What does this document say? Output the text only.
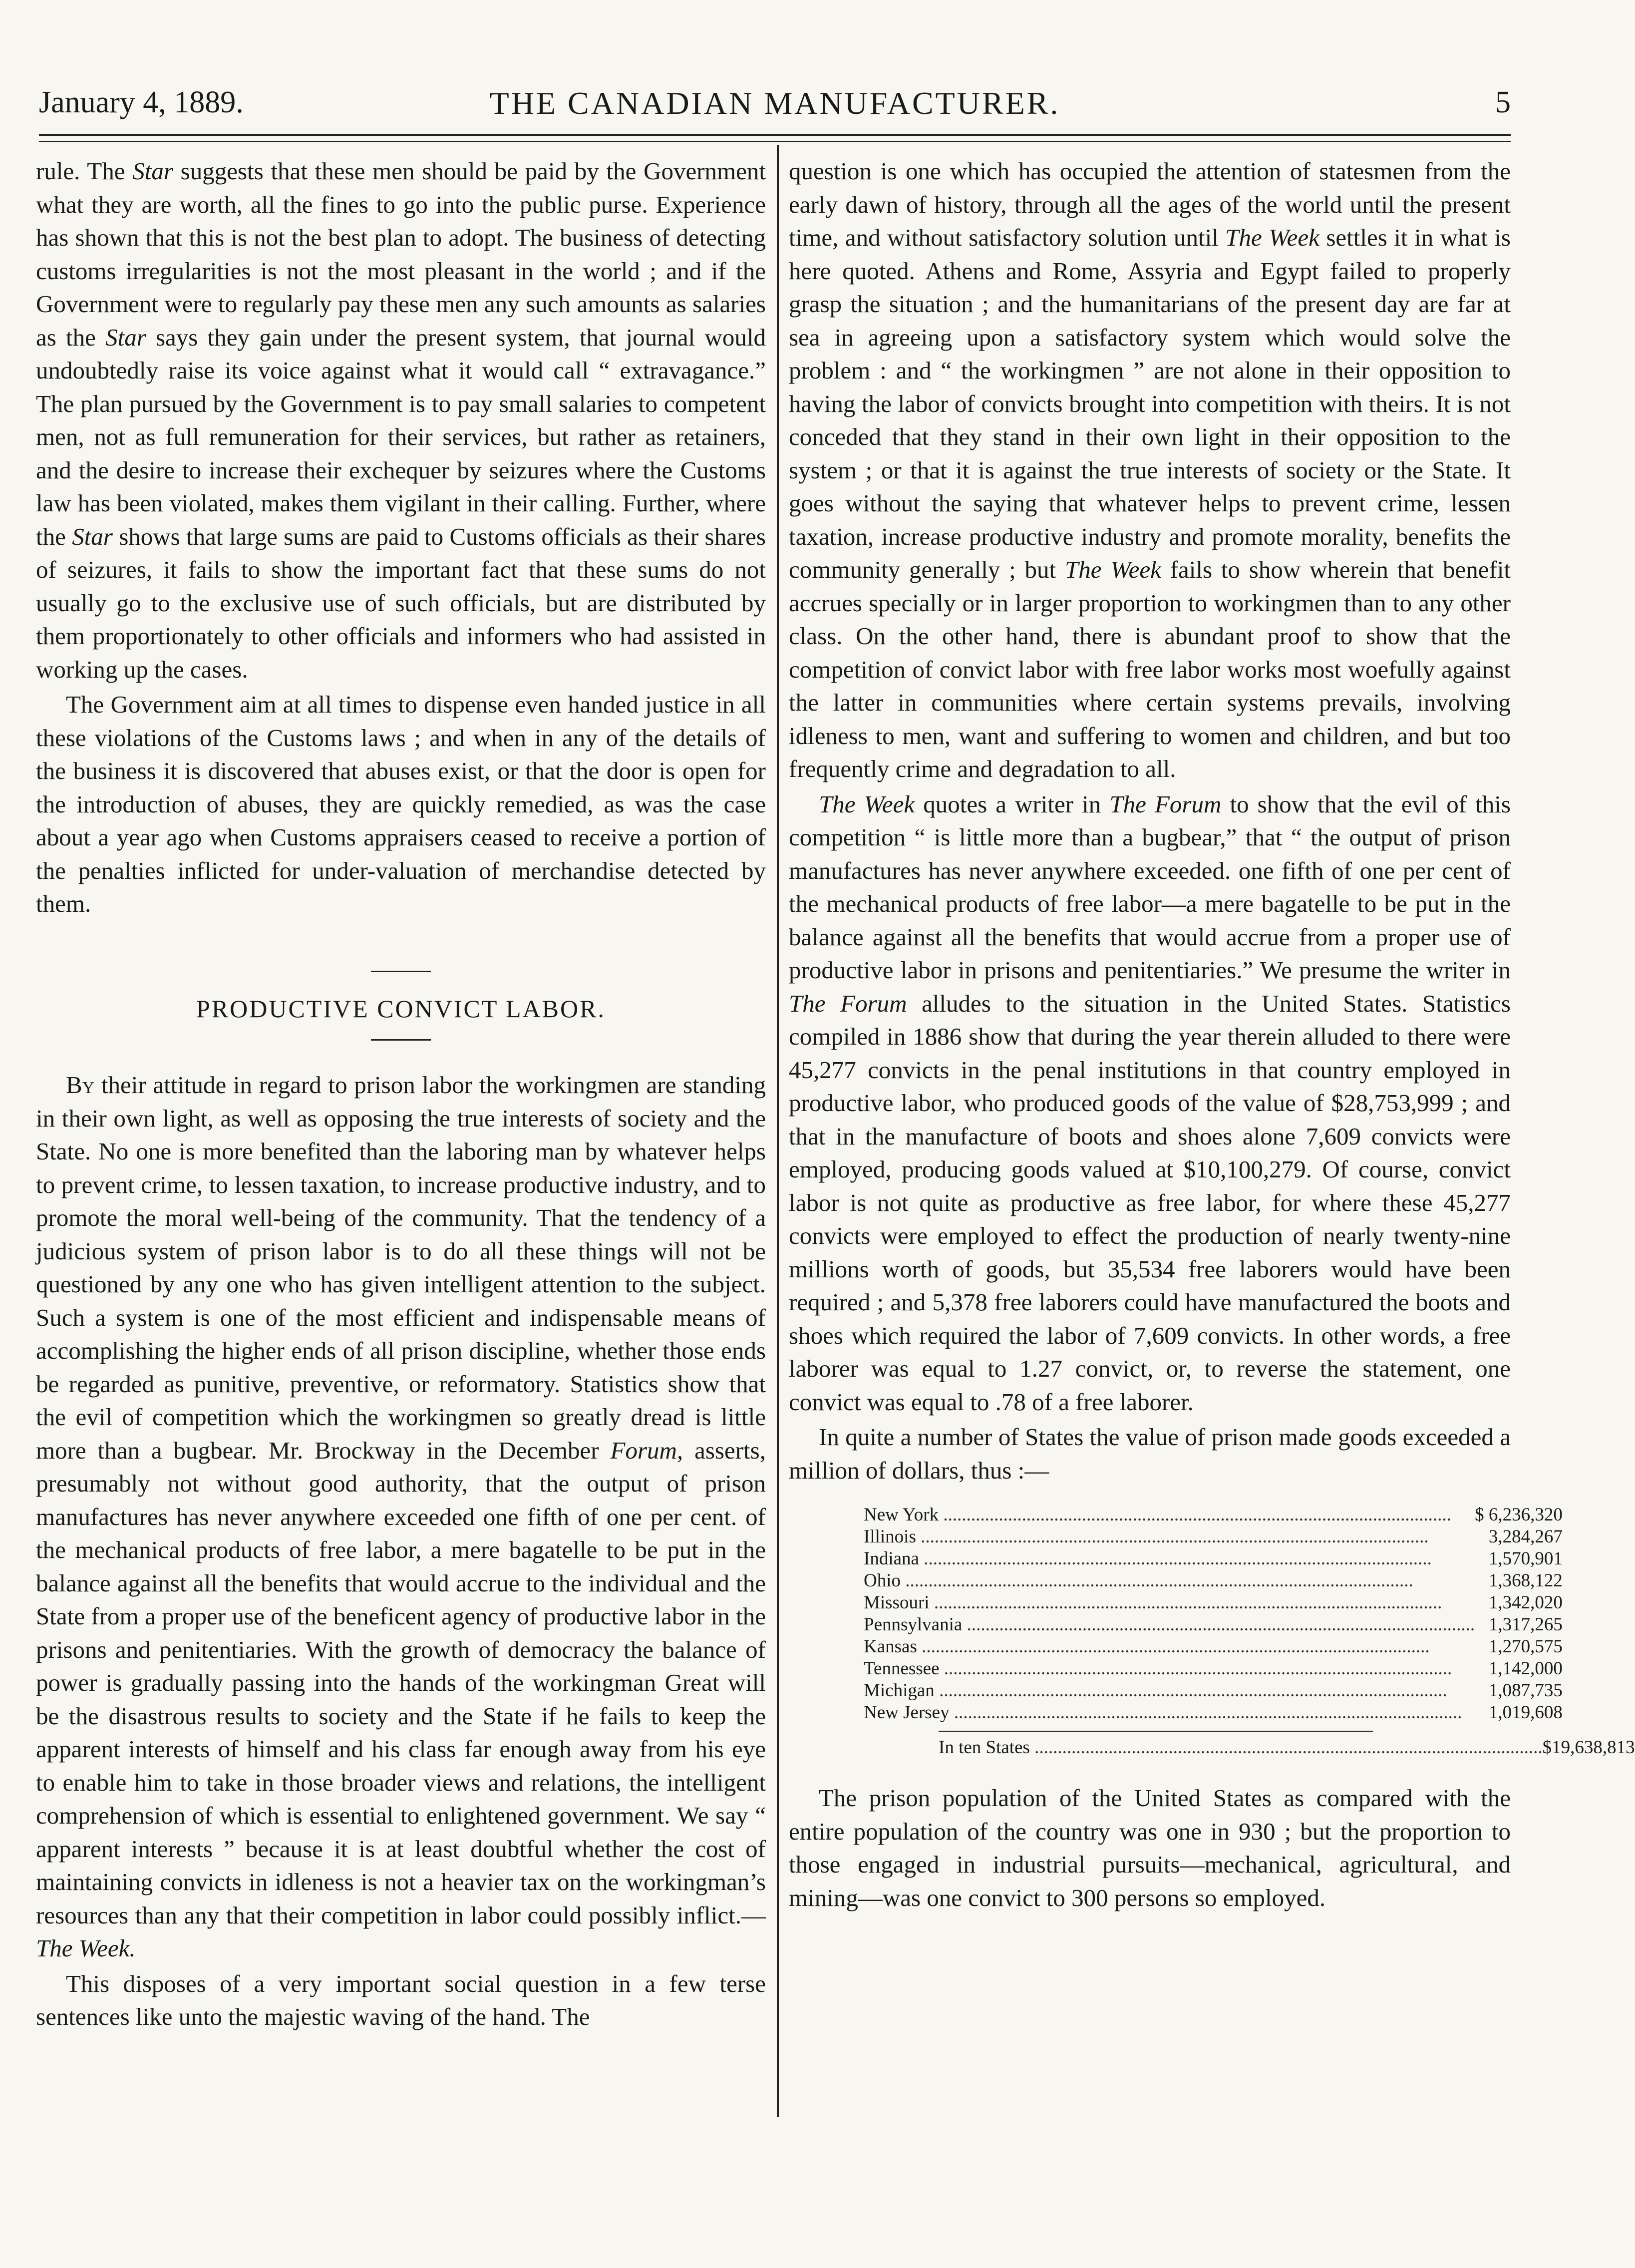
January 4, 1889.	THE CANADIAN MANUFACTURER.	5

rule. The Star suggests that these men should be paid by the Government what they are worth, all the fines to go into the public purse. Experience has shown that this is not the best plan to adopt. The business of detecting customs irregularities is not the most pleasant in the world ; and if the Government were to regularly pay these men any such amounts as salaries as the Star says they gain under the present system, that journal would undoubtedly raise its voice against what it would call “ extravagance.” The plan pursued by the Government is to pay small salaries to competent men, not as full remuneration for their services, but rather as retainers, and the desire to increase their exchequer by seizures where the Customs law has been violated, makes them vigilant in their calling. Further, where the Star shows that large sums are paid to Customs officials as their shares of seizures, it fails to show the important fact that these sums do not usually go to the exclusive use of such officials, but are distributed by them proportionately to other officials and informers who had assisted in working up the cases.

The Government aim at all times to dispense even handed justice in all these violations of the Customs laws ; and when in any of the details of the business it is discovered that abuses exist, or that the door is open for the introduction of abuses, they are quickly remedied, as was the case about a year ago when Customs appraisers ceased to receive a portion of the penalties inflicted for under-valuation of merchandise detected by them.

PRODUCTIVE CONVICT LABOR.

By their attitude in regard to prison labor the workingmen are standing in their own light, as well as opposing the true interests of society and the State. No one is more benefited than the laboring man by whatever helps to prevent crime, to lessen taxation, to increase productive industry, and to promote the moral well-being of the community. That the tendency of a judicious system of prison labor is to do all these things will not be questioned by any one who has given intelligent attention to the subject. Such a system is one of the most efficient and indispensable means of accomplishing the higher ends of all prison discipline, whether those ends be regarded as punitive, preventive, or reformatory. Statistics show that the evil of competition which the workingmen so greatly dread is little more than a bugbear. Mr. Brockway in the December Forum, asserts, presumably not without good authority, that the output of prison manufactures has never anywhere exceeded one fifth of one per cent. of the mechanical products of free labor, a mere bagatelle to be put in the balance against all the benefits that would accrue to the individual and the State from a proper use of the beneficent agency of productive labor in the prisons and penitentiaries. With the growth of democracy the balance of power is gradually passing into the hands of the workingman Great will be the disastrous results to society and the State if he fails to keep the apparent interests of himself and his class far enough away from his eye to enable him to take in those broader views and relations, the intelligent comprehension of which is essential to enlightened government. We say “ apparent interests ” because it is at least doubtful whether the cost of maintaining convicts in idleness is not a heavier tax on the workingman’s resources than any that their competition in labor could possibly inflict.—The Week.

This disposes of a very important social question in a few terse sentences like unto the majestic waving of the hand. The

question is one which has occupied the attention of statesmen from the early dawn of history, through all the ages of the world until the present time, and without satisfactory solution until The Week settles it in what is here quoted. Athens and Rome, Assyria and Egypt failed to properly grasp the situation ; and the humanitarians of the present day are far at sea in agreeing upon a satisfactory system which would solve the problem : and “ the workingmen ” are not alone in their opposition to having the labor of convicts brought into competition with theirs. It is not conceded that they stand in their own light in their opposition to the system ; or that it is against the true interests of society or the State. It goes without the saying that whatever helps to prevent crime, lessen taxation, increase productive industry and promote morality, benefits the community generally ; but The Week fails to show wherein that benefit accrues specially or in larger proportion to workingmen than to any other class. On the other hand, there is abundant proof to show that the competition of convict labor with free labor works most woefully against the latter in communities where certain systems prevails, involving idleness to men, want and suffering to women and children, and but too frequently crime and degradation to all.

The Week quotes a writer in The Forum to show that the evil of this competition “ is little more than a bugbear,” that “ the output of prison manufactures has never anywhere exceeded. one fifth of one per cent of the mechanical products of free labor—a mere bagatelle to be put in the balance against all the benefits that would accrue from a proper use of productive labor in prisons and penitentiaries.” We presume the writer in The Forum alludes to the situation in the United States. Statistics compiled in 1886 show that during the year therein alluded to there were 45,277 convicts in the penal institutions in that country employed in productive labor, who produced goods of the value of $28,753,999 ; and that in the manufacture of boots and shoes alone 7,609 convicts were employed, producing goods valued at $10,100,279. Of course, convict labor is not quite as productive as free labor, for where these 45,277 convicts were employed to effect the production of nearly twenty-nine millions worth of goods, but 35,534 free laborers would have been required ; and 5,378 free laborers could have manufactured the boots and shoes which required the labor of 7,609 convicts. In other words, a free laborer was equal to 1.27 convict, or, to reverse the statement, one convict was equal to .78 of a free laborer.

In quite a number of States the value of prison made goods exceeded a million of dollars, thus :—

New York .....	$ 6,236,320
Illinois .....	3,284,267
Indiana .....	1,570,901
Ohio .....	1,368,122
Missouri .....	1,342,020
Pennsylvania .....	1,317,265
Kansas .....	1,270,575
Tennessee .....	1,142,000
Michigan .....	1,087,735
New Jersey .....	1,019,608
In ten States .....	$19,638,813

The prison population of the United States as compared with the entire population of the country was one in 930 ; but the proportion to those engaged in industrial pursuits—mechanical, agricultural, and mining—was one convict to 300 persons so employed.
